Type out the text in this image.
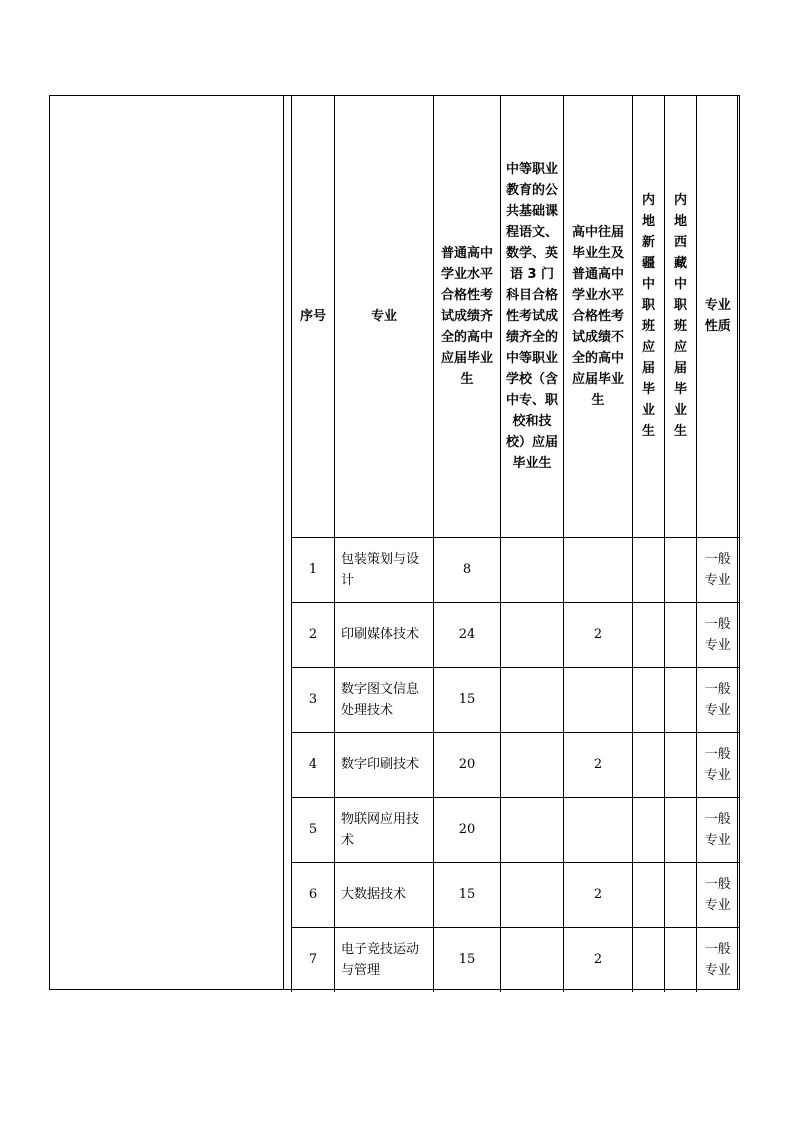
序号	专业	普通高中学业水平合格性考试成绩齐全的高中应届毕业生	中等职业教育的公共基础课程语文、数学、英语 3 门科目合格性考试成绩齐全的中等职业学校（含中专、职校和技校）应届毕业生	高中往届毕业生及普通高中学业水平合格性考试成绩不全的高中应届毕业生	内地新疆中职班应届毕业生	内地西藏中职班应届毕业生	专业性质

1	包装策划与设计	8					一般专业

2	印刷媒体技术	24		2			一般专业

3	数字图文信息处理技术	15					一般专业

4	数字印刷技术	20		2			一般专业

5	物联网应用技术	20					一般专业

6	大数据技术	15		2			一般专业

7	电子竞技运动与管理	15		2			一般专业
